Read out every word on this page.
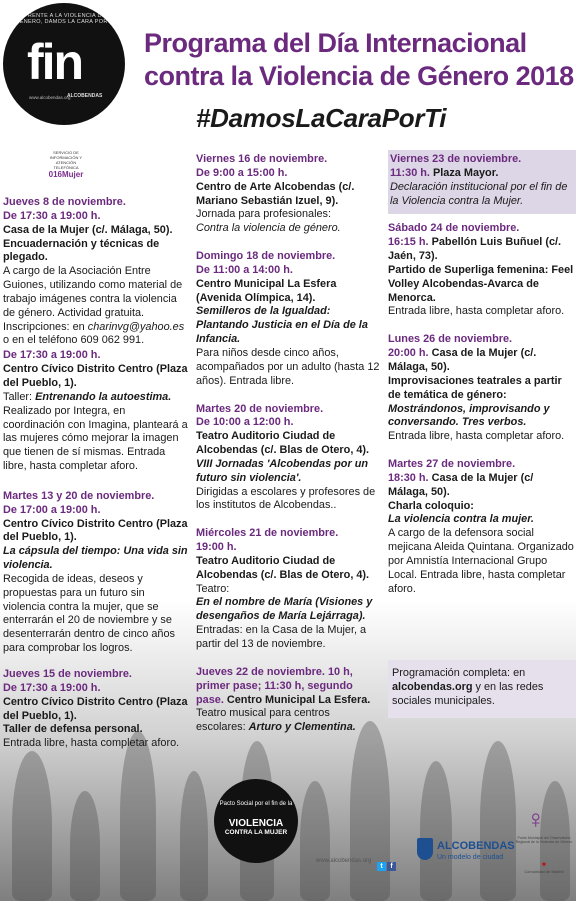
FRENTE A LA VIOLENCIA DE GÉNERO, DAMOS LA CARA POR TI
fin
www.alcobendas.org
ALCOBENDAS
SERVICIO DE INFORMACIÓN Y ATENCIÓN TELEFÓNICA
016Mujer
Programa del Día Internacional
contra la Violencia de Género 2018
#DamosLaCaraPorTi
Jueves 8 de noviembre.
De 17:30 a 19:00 h.
Casa de la Mujer (c/. Málaga, 50).
Encuadernación y técnicas de plegado.
A cargo de la Asociación Entre Guiones, utilizando como material de trabajo imágenes contra la violencia de género. Actividad gratuita. Inscripciones: en charinvg@yahoo.es o en el teléfono 609 062 991.
De 17:30 a 19:00 h.
Centro Cívico Distrito Centro (Plaza del Pueblo, 1).
Taller: Entrenando la autoestima.
Realizado por Integra, en coordinación con Imagina, planteará a las mujeres cómo mejorar la imagen que tienen de sí mismas. Entrada libre, hasta completar aforo.
Martes 13 y 20 de noviembre.
De 17:00 a 19:00 h.
Centro Cívico Distrito Centro (Plaza del Pueblo, 1).
La cápsula del tiempo: Una vida sin violencia.
Recogida de ideas, deseos y propuestas para un futuro sin violencia contra la mujer, que se enterrarán el 20 de noviembre y se desenterrarán dentro de cinco años para comprobar los logros.
Jueves 15 de noviembre.
De 17:30 a 19:00 h.
Centro Cívico Distrito Centro (Plaza del Pueblo, 1).
Taller de defensa personal.
Entrada libre, hasta completar aforo.
Viernes 16 de noviembre.
De 9:00 a 15:00 h.
Centro de Arte Alcobendas (c/. Mariano Sebastián Izuel, 9).
Jornada para profesionales:
Contra la violencia de género.
Domingo 18 de noviembre.
De 11:00 a 14:00 h.
Centro Municipal La Esfera (Avenida Olímpica, 14).
Semilleros de la Igualdad: Plantando Justicia en el Día de la Infancia.
Para niños desde cinco años, acompañados por un adulto (hasta 12 años). Entrada libre.
Martes 20 de noviembre.
De 10:00 a 12:00 h.
Teatro Auditorio Ciudad de Alcobendas (c/. Blas de Otero, 4).
VIII Jornadas 'Alcobendas por un futuro sin violencia'.
Dirigidas a escolares y profesores de los institutos de Alcobendas..
Miércoles 21 de noviembre.
19:00 h.
Teatro Auditorio Ciudad de Alcobendas (c/. Blas de Otero, 4).
Teatro:
En el nombre de María (Visiones y desengaños de María Lejárraga).
Entradas: en la Casa de la Mujer, a partir del 13 de noviembre.
Jueves 22 de noviembre. 10 h, primer pase; 11:30 h, segundo pase. Centro Municipal La Esfera.
Teatro musical para centros escolares: Arturo y Clementina.
Viernes 23 de noviembre.
11:30 h. Plaza Mayor.
Declaración institucional por el fin de la Violencia contra la Mujer.
Sábado 24 de noviembre.
16:15 h. Pabellón Luis Buñuel (c/. Jaén, 73).
Partido de Superliga femenina: Feel Volley Alcobendas-Avarca de Menorca.
Entrada libre, hasta completar aforo.
Lunes 26 de noviembre.
20:00 h. Casa de la Mujer (c/. Málaga, 50).
Improvisaciones teatrales a partir de temática de género:
Mostrándonos, improvisando y conversando. Tres verbos.
Entrada libre, hasta completar aforo.
Martes 27 de noviembre.
18:30 h. Casa de la Mujer (c/ Málaga, 50).
Charla coloquio:
La violencia contra la mujer.
A cargo de la defensora social mejicana Aleida Quintana. Organizado por Amnistía Internacional Grupo Local. Entrada libre, hasta completar aforo.
Programación completa: en alcobendas.org y en las redes sociales municipales.
Pacto Social por el fin de la
VIOLENCIA
CONTRA LA MUJER
www.alcobendas.org
t f
ALCOBENDAS
Un modelo de ciudad
♀
Punto Municipal del Observatorio Regional de la Violencia de Género
✶
Comunidad de Madrid
